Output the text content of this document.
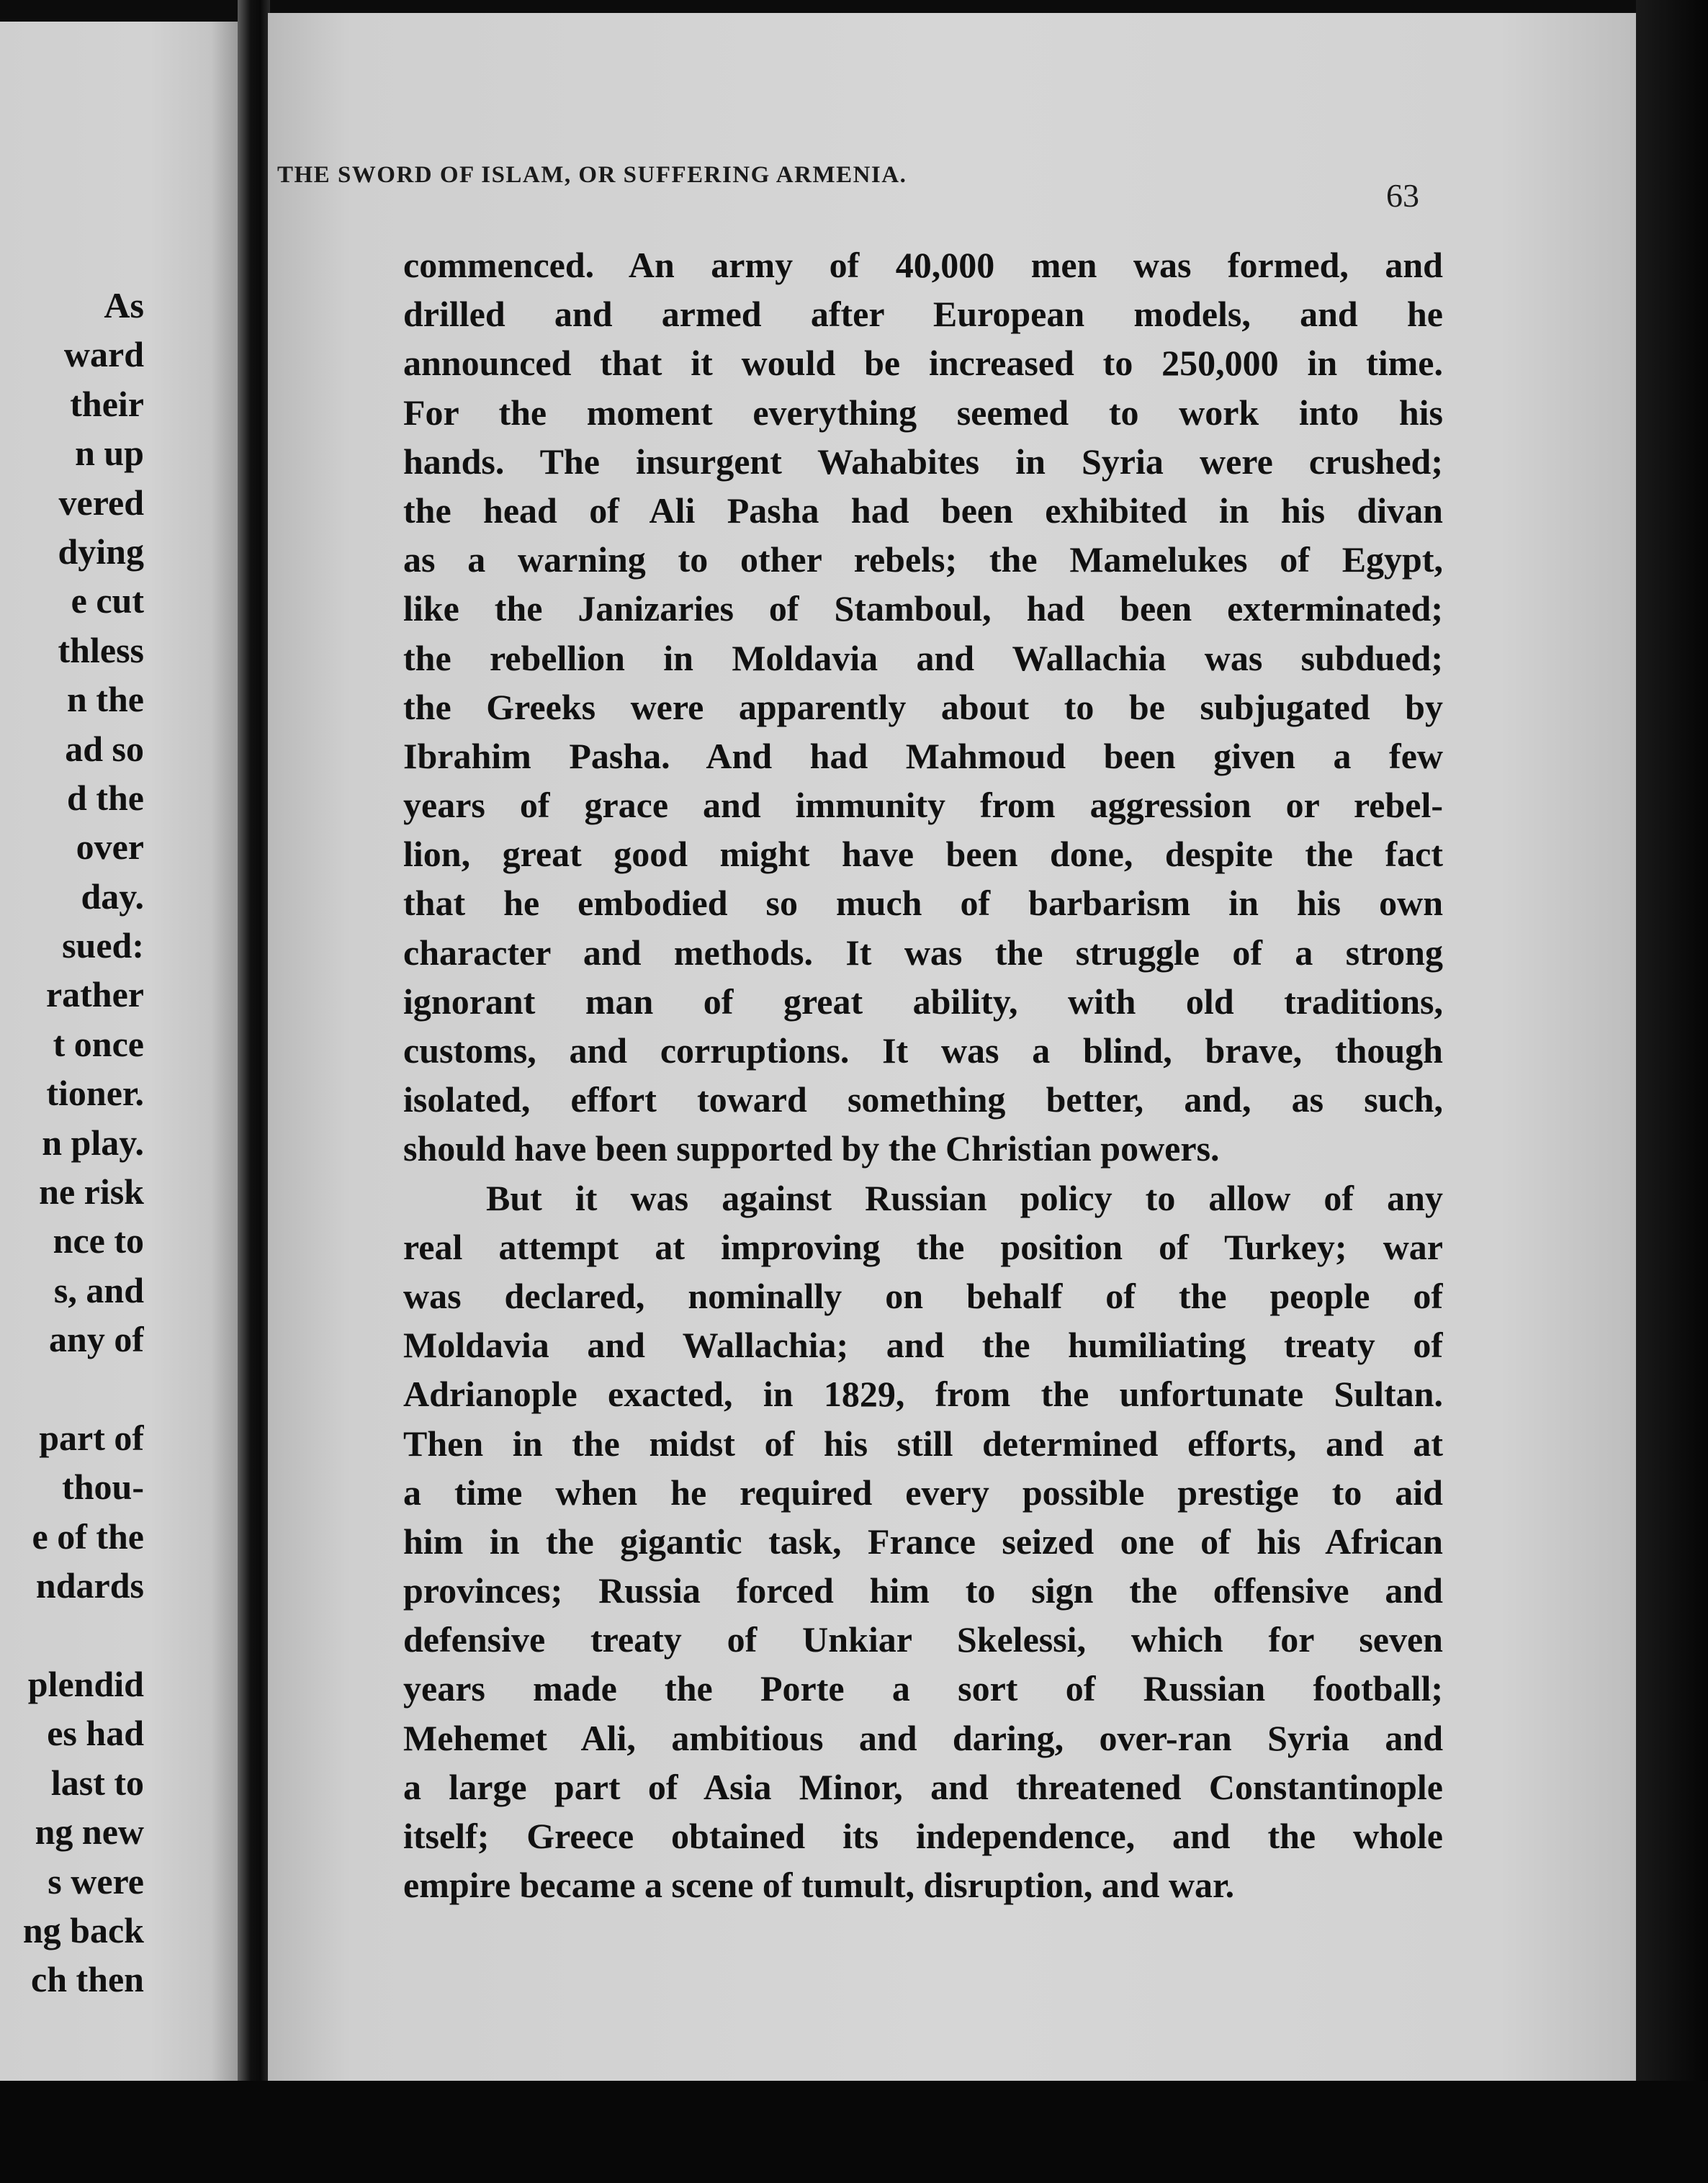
As
ward
their
n up
vered
dying
e cut
thless
n the
ad so
d the
over
day.
sued:
rather
t once
tioner.
n play.
ne risk
nce to
s, and
any of
part of
thou-
e of the
ndards
plendid
es had
last to
ng new
s were
ng back
ch then
THE SWORD OF ISLAM, OR SUFFERING ARMENIA.
63
commenced. An army of 40,000 men was formed, and
drilled and armed after European models, and he
announced that it would be increased to 250,000 in time.
For the moment everything seemed to work into his
hands. The insurgent Wahabites in Syria were crushed;
the head of Ali Pasha had been exhibited in his divan
as a warning to other rebels; the Mamelukes of Egypt,
like the Janizaries of Stamboul, had been exterminated;
the rebellion in Moldavia and Wallachia was subdued;
the Greeks were apparently about to be subjugated by
Ibrahim Pasha. And had Mahmoud been given a few
years of grace and immunity from aggression or rebel-
lion, great good might have been done, despite the fact
that he embodied so much of barbarism in his own
character and methods. It was the struggle of a strong
ignorant man of great ability, with old traditions,
customs, and corruptions. It was a blind, brave, though
isolated, effort toward something better, and, as such,
should have been supported by the Christian powers.
But it was against Russian policy to allow of any
real attempt at improving the position of Turkey; war
was declared, nominally on behalf of the people of
Moldavia and Wallachia; and the humiliating treaty of
Adrianople exacted, in 1829, from the unfortunate Sultan.
Then in the midst of his still determined efforts, and at
a time when he required every possible prestige to aid
him in the gigantic task, France seized one of his African
provinces; Russia forced him to sign the offensive and
defensive treaty of Unkiar Skelessi, which for seven
years made the Porte a sort of Russian football;
Mehemet Ali, ambitious and daring, over-ran Syria and
a large part of Asia Minor, and threatened Constantinople
itself; Greece obtained its independence, and the whole
empire became a scene of tumult, disruption, and war.
